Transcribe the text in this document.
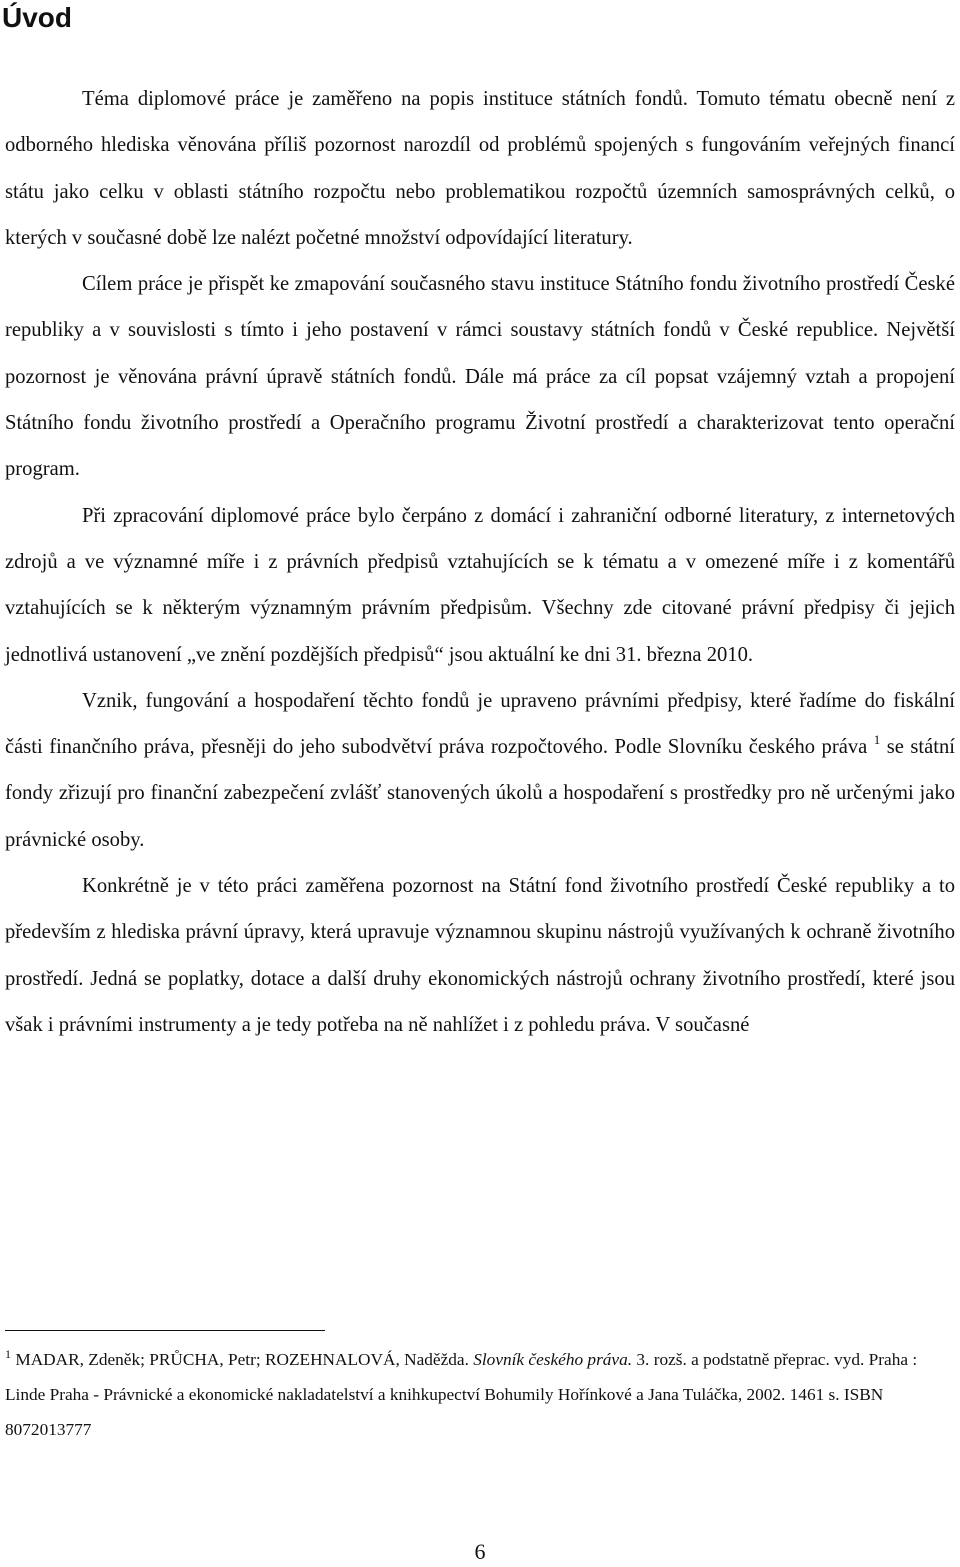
Úvod

Téma diplomové práce je zaměřeno na popis instituce státních fondů. Tomuto tématu obecně není z odborného hlediska věnována příliš pozornost narozdíl od problémů spojených s fungováním veřejných financí státu jako celku v oblasti státního rozpočtu nebo problematikou rozpočtů územních samosprávných celků, o kterých v současné době lze nalézt početné množství odpovídající literatury.

Cílem práce je přispět ke zmapování současného stavu instituce Státního fondu životního prostředí České republiky a v souvislosti s tímto i jeho postavení v rámci soustavy státních fondů v České republice. Největší pozornost je věnována právní úpravě státních fondů. Dále má práce za cíl popsat vzájemný vztah a propojení Státního fondu životního prostředí a Operačního programu Životní prostředí a charakterizovat tento operační program.

Při zpracování diplomové práce bylo čerpáno z domácí i zahraniční odborné literatury, z internetových zdrojů a ve významné míře i z právních předpisů vztahujících se k tématu a v omezené míře i z komentářů vztahujících se k některým významným právním předpisům. Všechny zde citované právní předpisy či jejich jednotlivá ustanovení „ve znění pozdějších předpisů“ jsou aktuální ke dni 31. března 2010.

Vznik, fungování a hospodaření těchto fondů je upraveno právními předpisy, které řadíme do fiskální části finančního práva, přesněji do jeho subodvětví práva rozpočtového. Podle Slovníku českého práva $^1$ se státní fondy zřizují pro finanční zabezpečení zvlášť stanovených úkolů a hospodaření s prostředky pro ně určenými jako právnické osoby.

Konkrétně je v této práci zaměřena pozornost na Státní fond životního prostředí České republiky a to především z hlediska právní úpravy, která upravuje významnou skupinu nástrojů využívaných k ochraně životního prostředí. Jedná se poplatky, dotace a další druhy ekonomických nástrojů ochrany životního prostředí, které jsou však i právními instrumenty a je tedy potřeba na ně nahlížet i z pohledu práva. V současné

$^1$ MADAR, Zdeněk; PRŮCHA, Petr; ROZEHNALOVÁ, Naděžda. Slovník českého práva. 3. rozš. a podstatně přeprac. vyd. Praha : Linde Praha - Právnické a ekonomické nakladatelství a knihkupectví Bohumily Hořínkové a Jana Tuláčka, 2002. 1461 s. ISBN 8072013777

6
